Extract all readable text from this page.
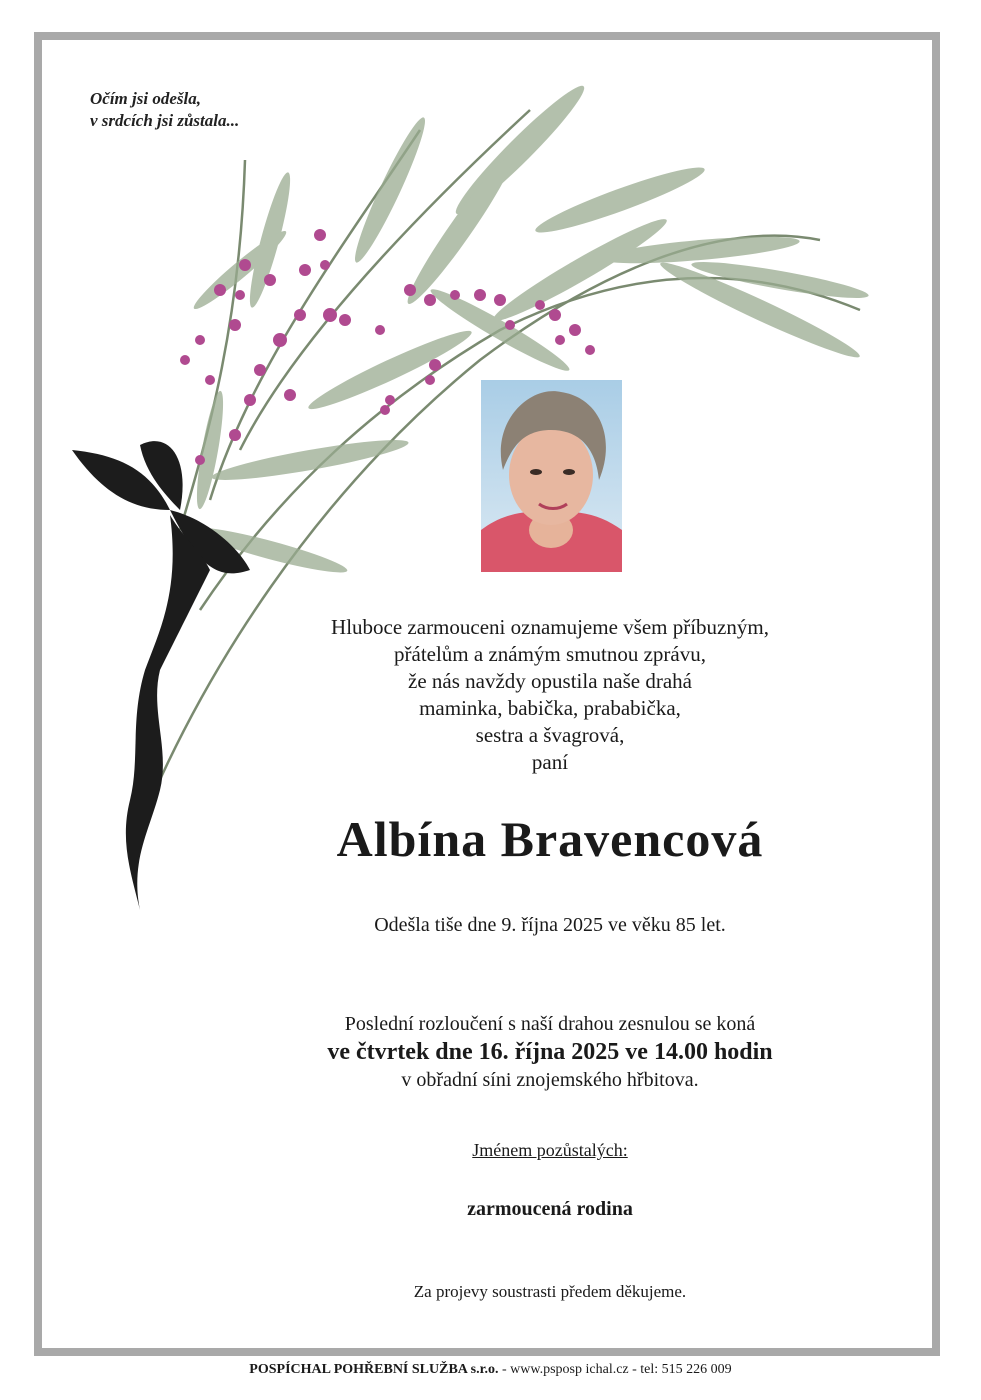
Očím jsi odešla,
v srdcích jsi zůstala...
Hluboce zarmouceni oznamujeme všem příbuzným,
přátelům a známým smutnou zprávu,
že nás navždy opustila naše drahá
maminka, babička, prababička,
sestra a švagrová,
paní
Albína Bravencová
Odešla tiše dne 9. října 2025 ve věku 85 let.
Poslední rozloučení s naší drahou zesnulou se koná
ve čtvrtek dne 16. října 2025 ve 14.00 hodin
v obřadní síni znojemského hřbitova.
Jménem pozůstalých:
zarmoucená rodina
Za projevy soustrasti předem děkujeme.
POSPÍCHAL POHŘEBNÍ SLUŽBA s.r.o. - www.psposp ichal.cz - tel: 515 226 009
